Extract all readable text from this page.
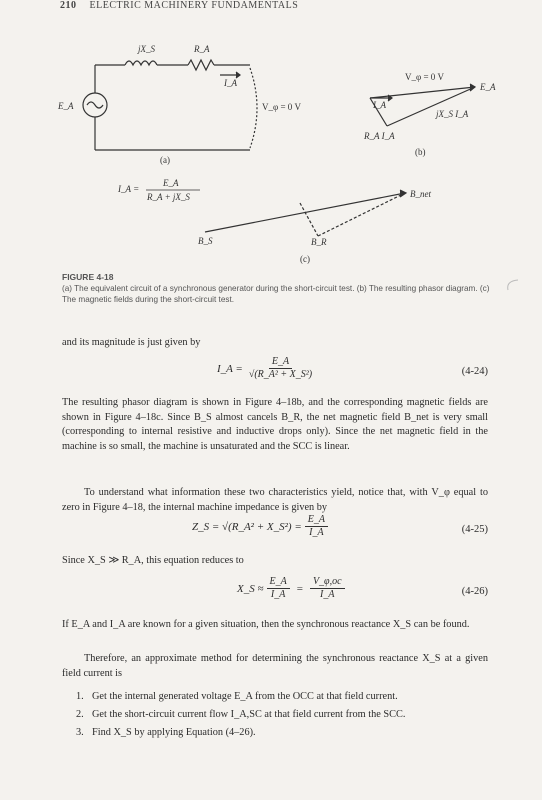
210 ELECTRIC MACHINERY FUNDAMENTALS
jX_S	R_A
E_A
I_A
V_φ = 0 V
(a)
V_φ = 0 V
E_A
jX_S I_A
R_A I_A
I_A
(b)
I_A =
E_A
R_A + jX_S	B_net
B_S	B_R
(c)
FIGURE 4-18
(a) The equivalent circuit of a synchronous generator during the short-circuit test. (b) The resulting phasor diagram. (c) The magnetic fields during the short-circuit test.
and its magnitude is just given by
I_A = $\frac{E\_A}{\text{√(R\_A² + X\_S²)}}$	(4-24)
The resulting phasor diagram is shown in Figure 4–18b, and the corresponding magnetic fields are shown in Figure 4–18c. Since B_S almost cancels B_R, the net magnetic field B_net is very small (corresponding to internal resistive and inductive drops only). Since the net magnetic field in the machine is so small, the machine is unsaturated and the SCC is linear.
To understand what information these two characteristics yield, notice that, with V_φ equal to zero in Figure 4–18, the internal machine impedance is given by
Z_S = √(R_A² + X_S²) = $\frac{E\_A}{I\_A}$	(4-25)
Since X_S ≫ R_A, this equation reduces to
X_S ≈ $\frac{E\_A}{I\_A} = \frac{V\_\varphi,oc}{I\_A}$	(4-26)
If E_A and I_A are known for a given situation, then the synchronous reactance X_S can be found.
Therefore, an approximate method for determining the synchronous reactance X_S at a given field current is
1. Get the internal generated voltage E_A from the OCC at that field current.
2. Get the short-circuit current flow I_A,SC at that field current from the SCC.
3. Find X_S by applying Equation (4–26).
